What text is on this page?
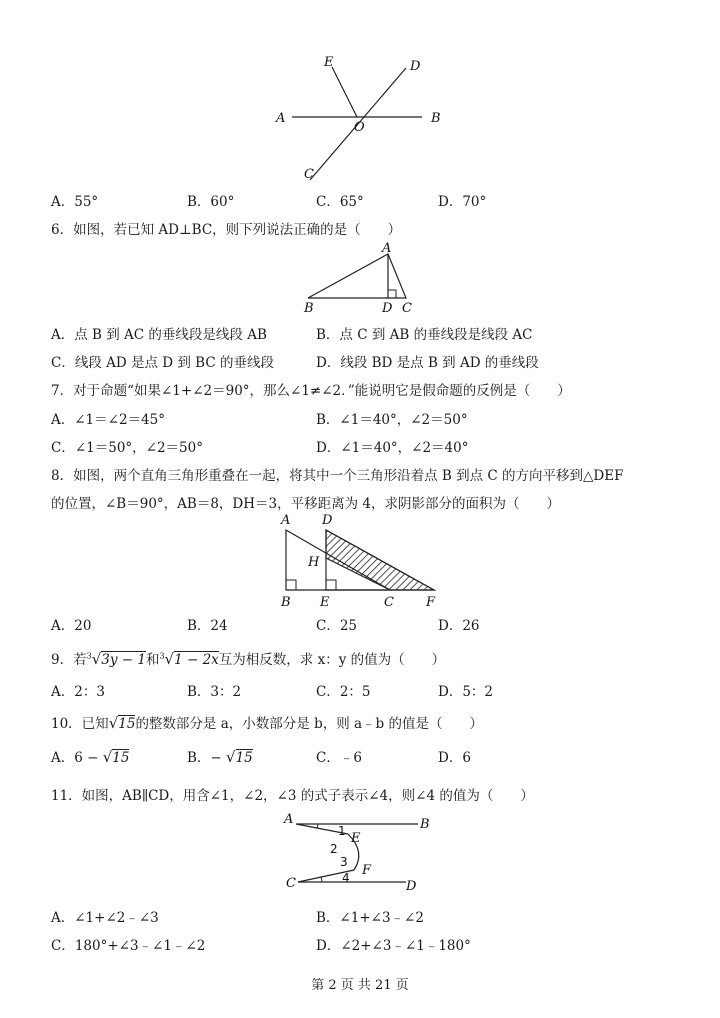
E	D
A
O
B
C
A．55°	B．60°	C．65°	D．70°
6．如图，若已知 AD⊥BC，则下列说法正确的是（　　）
A
B	D C
A．点 B 到 AC 的垂线段是线段 AB	B．点 C 到 AB 的垂线段是线段 AC
C．线段 AD 是点 D 到 BC 的垂线段	D．线段 BD 是点 B 到 AD 的垂线段
7．对于命题“如果∠1+∠2＝90°，那么∠1≠∠2．”能说明它是假命题的反例是（　　）
A．∠1＝∠2＝45°	B．∠1＝40°，∠2＝50°
C．∠1＝50°，∠2＝50°	D．∠1＝40°，∠2＝40°
8．如图，两个直角三角形重叠在一起，将其中一个三角形沿着点 B 到点 C 的方向平移到△DEF
的位置，∠B＝90°，AB＝8，DH＝3，平移距离为 4，求阴影部分的面积为（　　）
A D
H
B E	C F
A．20	B．24	C．25	D．26
9．若$^3$√3y − 1和$^3$√1 − 2x互为相反数，求 x：y 的值为（　　）
A．2：3	B．3：2	C．2：5	D．5：2
10．已知√15的整数部分是 a，小数部分是 b，则 a﹣b 的值是（　　）
A．6 − √15	B．− √15	C．﹣6	D．6
11．如图，AB∥CD，用含∠1，∠2，∠3 的式子表示∠4，则∠4 的值为（　　）
A	B
E
F
C	D
1
2
3
4
A．∠1+∠2﹣∠3	B．∠1+∠3﹣∠2
C．180°+∠3﹣∠1﹣∠2	D．∠2+∠3﹣∠1﹣180°
第 2 页 共 21 页
